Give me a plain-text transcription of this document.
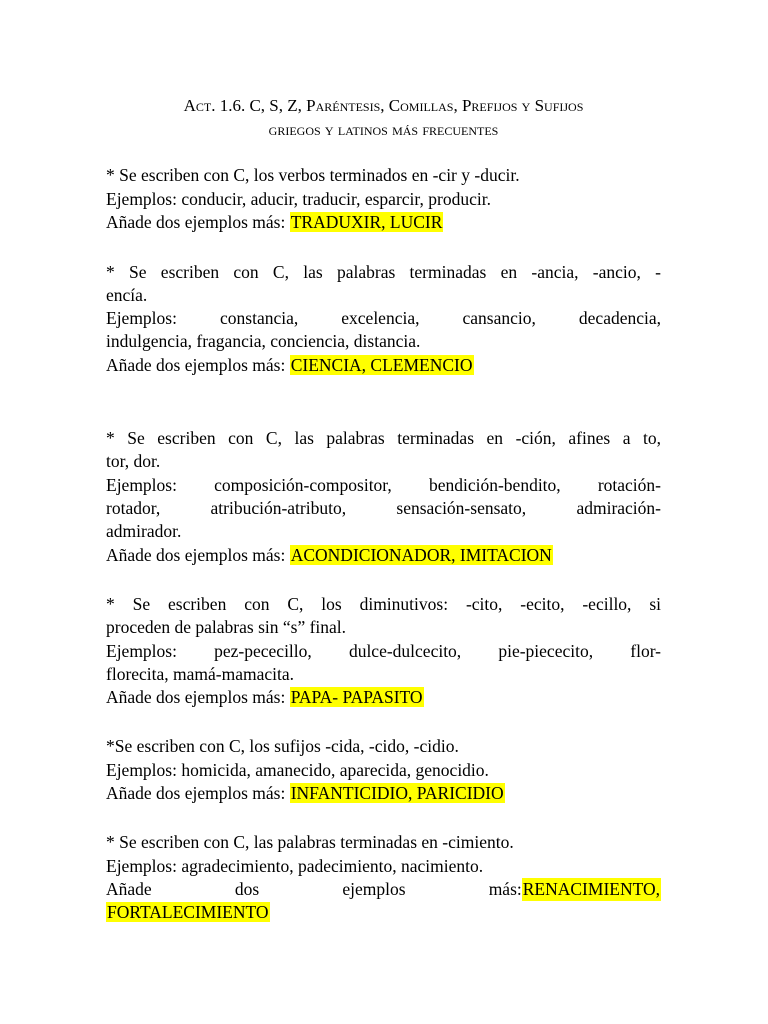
Act. 1.6. C, S, Z, Paréntesis, Comillas, Prefijos y Sufijos
griegos y latinos más frecuentes
* Se escriben con C, los verbos terminados en -cir y -ducir.
Ejemplos: conducir, aducir, traducir, esparcir, producir.
Añade dos ejemplos más: TRADUXIR, LUCIR
* Se escriben con C, las palabras terminadas en -ancia, -ancio, -
encía.
Ejemplos: constancia, excelencia, cansancio, decadencia,
indulgencia, fragancia, conciencia, distancia.
Añade dos ejemplos más: CIENCIA, CLEMENCIO
* Se escriben con C, las palabras terminadas en -ción, afines a to,
tor, dor.
Ejemplos: composición-compositor, bendición-bendito, rotación-
rotador, atribución-atributo, sensación-sensato, admiración-
admirador.
Añade dos ejemplos más: ACONDICIONADOR, IMITACION
* Se escriben con C, los diminutivos: -cito, -ecito, -ecillo, si
proceden de palabras sin “s” final.
Ejemplos: pez-pececillo, dulce-dulcecito, pie-piececito, flor-
florecita, mamá-mamacita.
Añade dos ejemplos más: PAPA- PAPASITO
*Se escriben con C, los sufijos -cida, -cido, -cidio.
Ejemplos: homicida, amanecido, aparecida, genocidio.
Añade dos ejemplos más: INFANTICIDIO, PARICIDIO
* Se escriben con C, las palabras terminadas en -cimiento.
Ejemplos: agradecimiento, padecimiento, nacimiento.
Añade dos ejemplos más: RENACIMIENTO,
FORTALECIMIENTO
